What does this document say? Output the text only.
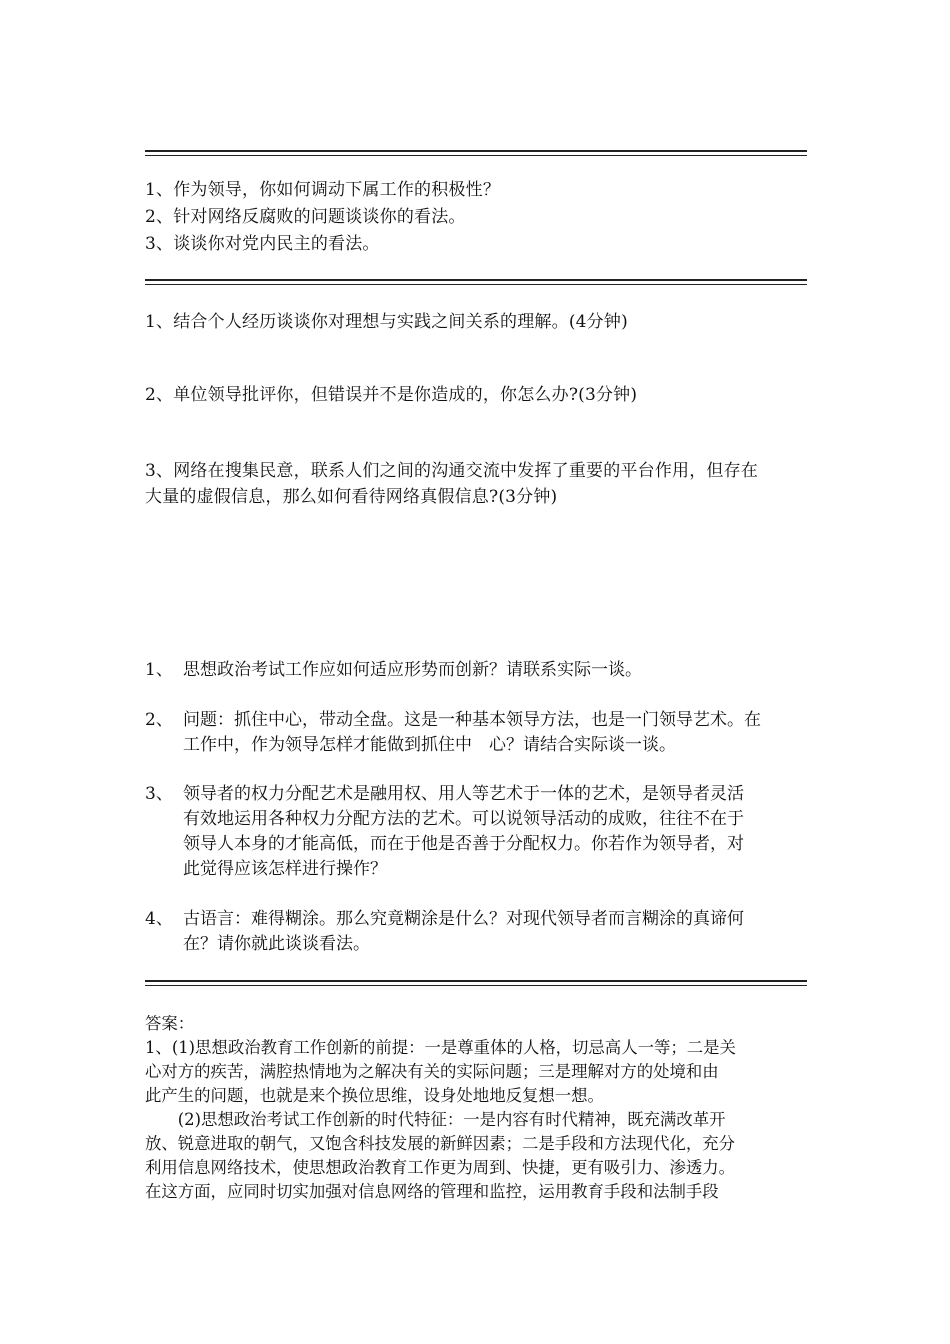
1、作为领导，你如何调动下属工作的积极性？
2、针对网络反腐败的问题谈谈你的看法。
3、谈谈你对党内民主的看法。
1、结合个人经历谈谈你对理想与实践之间关系的理解。(4分钟)
2、单位领导批评你，但错误并不是你造成的，你怎么办?(3分钟)
3、网络在搜集民意，联系人们之间的沟通交流中发挥了重要的平台作用，但存在
大量的虚假信息，那么如何看待网络真假信息?(3分钟)
1、 思想政治考试工作应如何适应形势而创新？请联系实际一谈。
2、 问题：抓住中心，带动全盘。这是一种基本领导方法，也是一门领导艺术。在
工作中，作为领导怎样才能做到抓住中　心？请结合实际谈一谈。
3、 领导者的权力分配艺术是融用权、用人等艺术于一体的艺术，是领导者灵活
有效地运用各种权力分配方法的艺术。可以说领导活动的成败，往往不在于
领导人本身的才能高低，而在于他是否善于分配权力。你若作为领导者，对
此觉得应该怎样进行操作？
4、 古语言：难得糊涂。那么究竟糊涂是什么？对现代领导者而言糊涂的真谛何
在？请你就此谈谈看法。
答案：
1、(1)思想政治教育工作创新的前提：一是尊重体的人格，切忌高人一等；二是关
心对方的疾苦，满腔热情地为之解决有关的实际问题；三是理解对方的处境和由
此产生的问题，也就是来个换位思维，设身处地地反复想一想。
　　(2)思想政治考试工作创新的时代特征：一是内容有时代精神，既充满改革开
放、锐意进取的朝气，又饱含科技发展的新鲜因素；二是手段和方法现代化，充分
利用信息网络技术，使思想政治教育工作更为周到、快捷，更有吸引力、渗透力。
在这方面，应同时切实加强对信息网络的管理和监控，运用教育手段和法制手段
